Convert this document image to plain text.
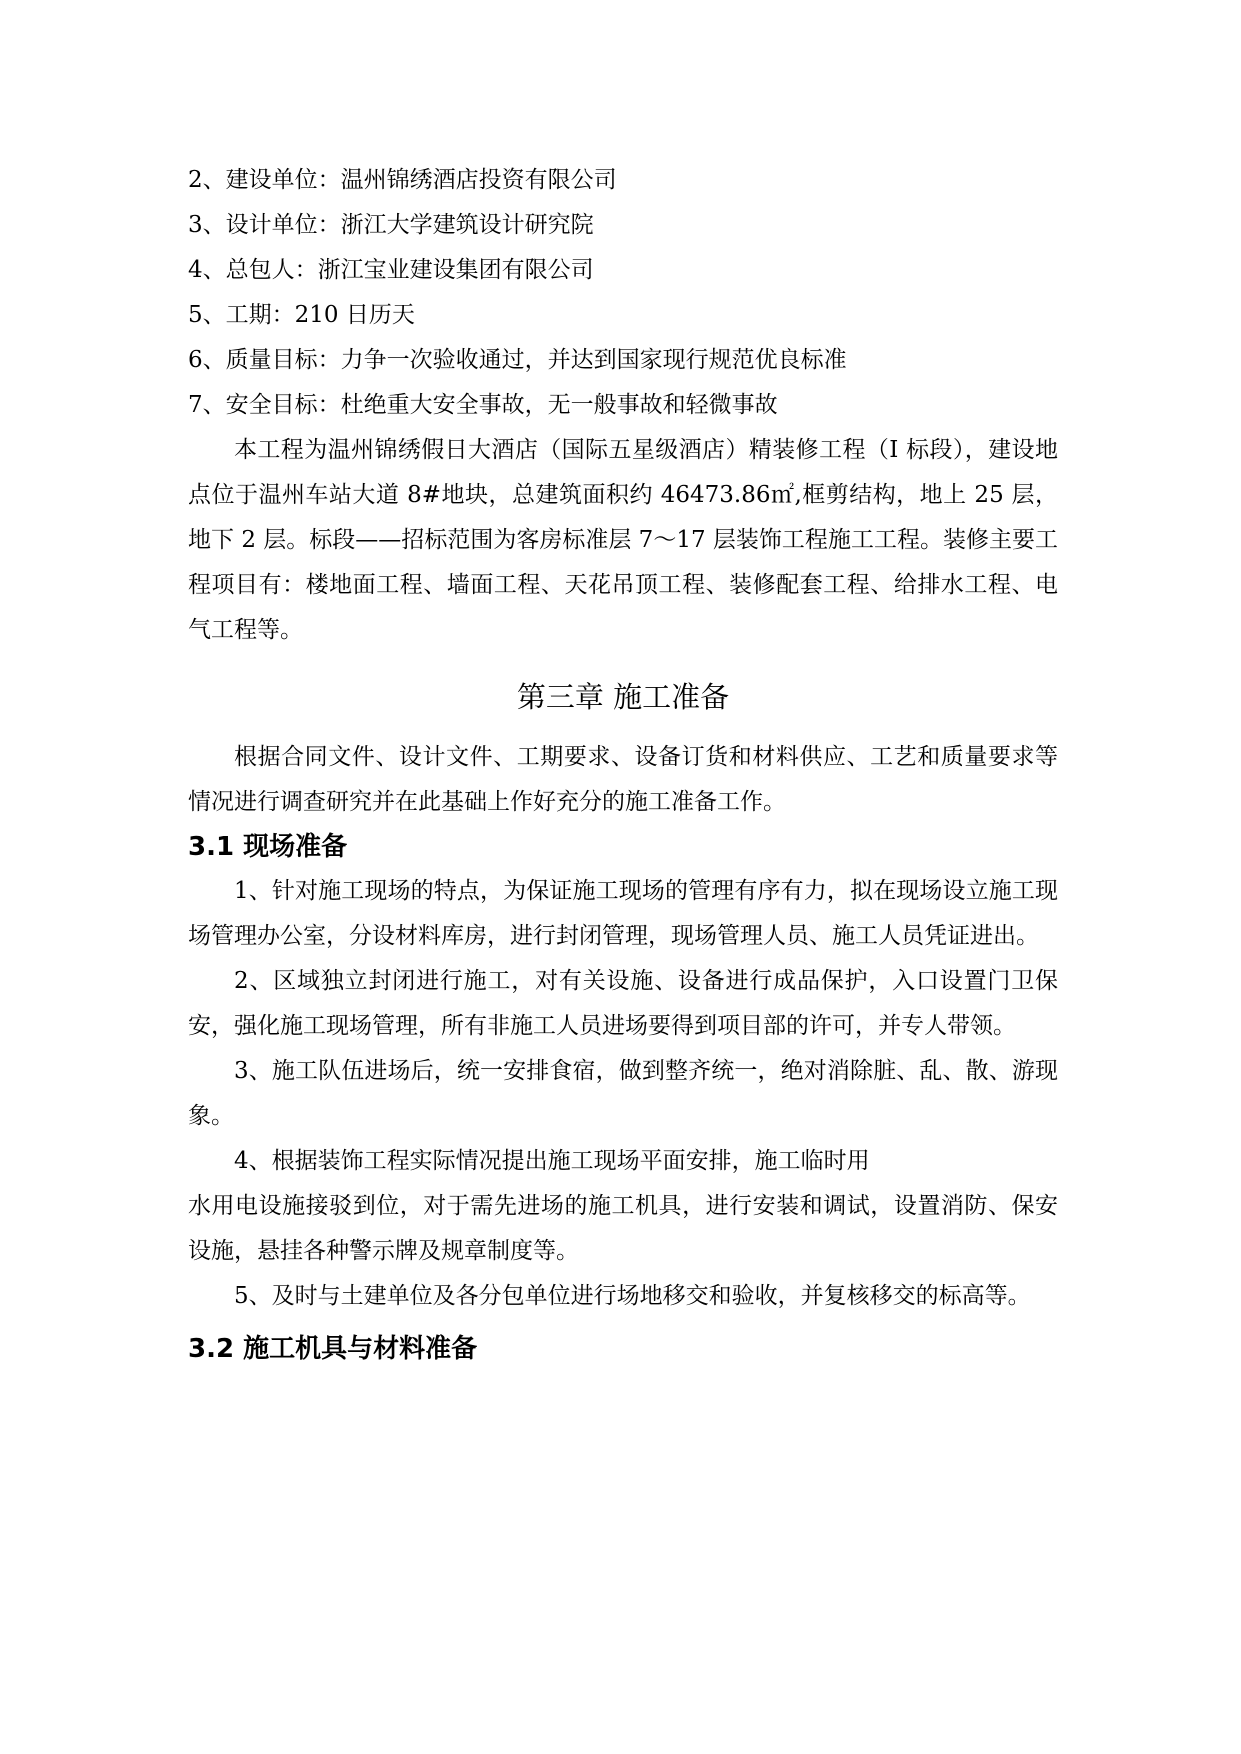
2、建设单位：温州锦绣酒店投资有限公司
3、设计单位：浙江大学建筑设计研究院
4、总包人：浙江宝业建设集团有限公司
5、工期：210 日历天
6、质量目标：力争一次验收通过，并达到国家现行规范优良标准
7、安全目标：杜绝重大安全事故，无一般事故和轻微事故

本工程为温州锦绣假日大酒店（国际五星级酒店）精装修工程（I 标段），建设地点位于温州车站大道 8#地块，总建筑面积约 46473.86㎡,框剪结构，地上 25 层，地下 2 层。标段——招标范围为客房标准层 7～17 层装饰工程施工工程。装修主要工程项目有：楼地面工程、墙面工程、天花吊顶工程、装修配套工程、给排水工程、电气工程等。

第三章 施工准备

根据合同文件、设计文件、工期要求、设备订货和材料供应、工艺和质量要求等情况进行调查研究并在此基础上作好充分的施工准备工作。

3.1 现场准备

1、针对施工现场的特点，为保证施工现场的管理有序有力，拟在现场设立施工现场管理办公室，分设材料库房，进行封闭管理，现场管理人员、施工人员凭证进出。

2、区域独立封闭进行施工，对有关设施、设备进行成品保护，入口设置门卫保安，强化施工现场管理，所有非施工人员进场要得到项目部的许可，并专人带领。

3、施工队伍进场后，统一安排食宿，做到整齐统一，绝对消除脏、乱、散、游现象。

4、根据装饰工程实际情况提出施工现场平面安排，施工临时用

水用电设施接驳到位，对于需先进场的施工机具，进行安装和调试，设置消防、保安设施，悬挂各种警示牌及规章制度等。

5、及时与土建单位及各分包单位进行场地移交和验收，并复核移交的标高等。

3.2 施工机具与材料准备
